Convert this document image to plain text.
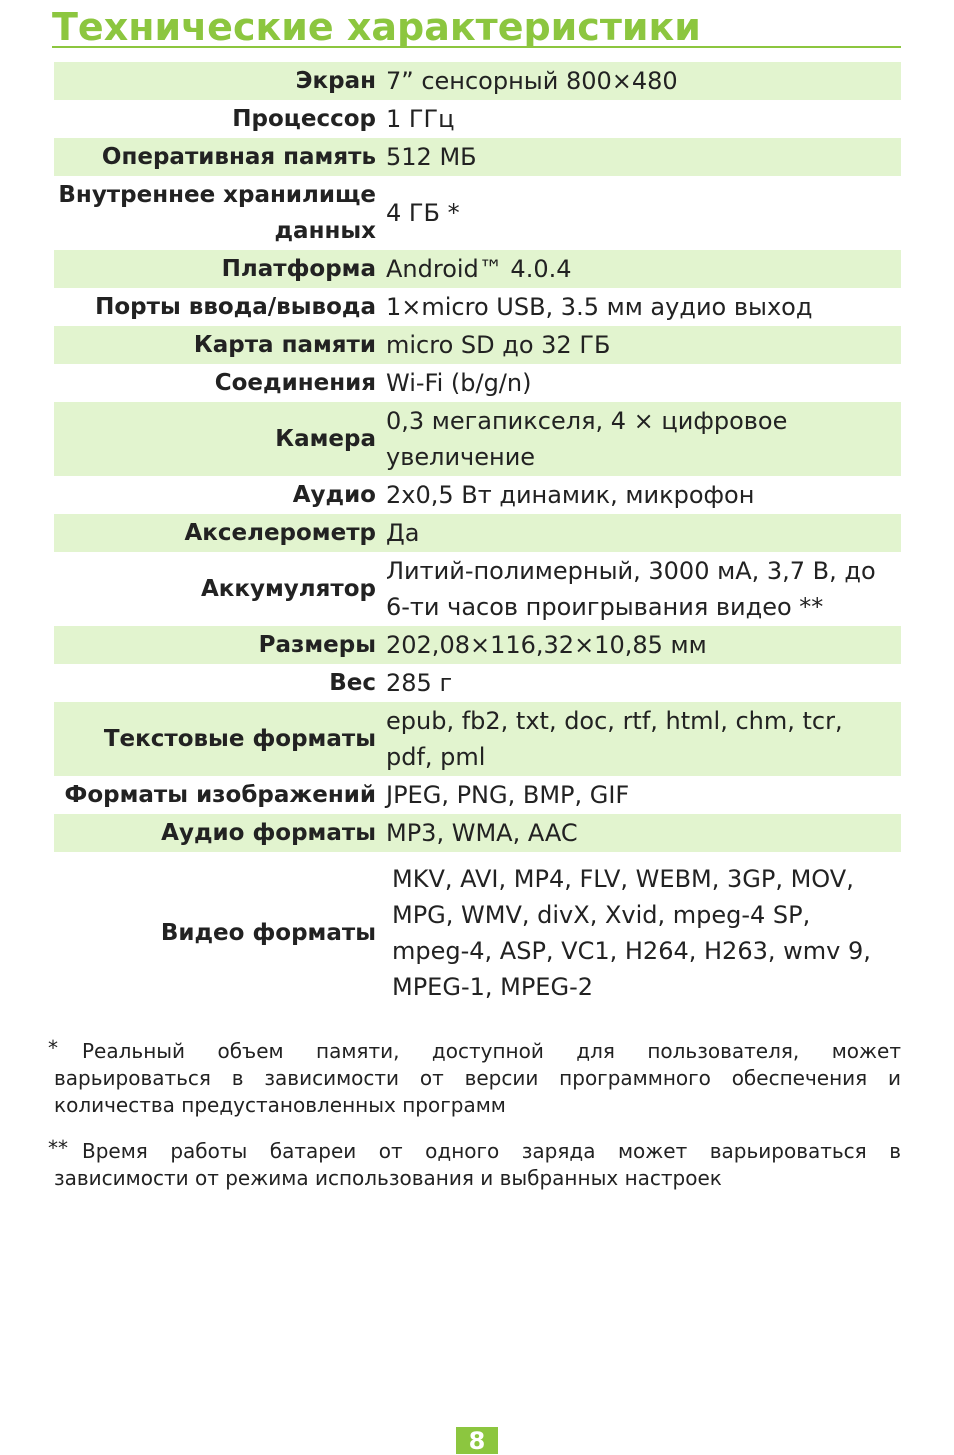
Технические характеристики
Экран	7” сенсорный 800×480
Процессор	1 ГГц
Оперативная память	512 МБ
Внутреннее хранилище данных	4 ГБ *
Платформа	Android™ 4.0.4
Порты ввода/вывода	1×micro USB, 3.5 мм аудио выход
Карта памяти	micro SD до 32 ГБ
Соединения	Wi-Fi (b/g/n)
Камера	0,3 мегапикселя, 4 × цифровое увеличение
Аудио	2x0,5 Вт динамик, микрофон
Акселерометр	Да
Аккумулятор	Литий-полимерный, 3000 мА, 3,7 В, до 6-ти часов проигрывания видео **
Размеры	202,08×116,32×10,85 мм
Вес	285 г
Текстовые форматы	epub, fb2, txt, doc, rtf, html, chm, tcr, pdf, pml
Форматы изображений	JPEG, PNG, BMP, GIF
Аудио форматы	MP3, WMA, AAC
Видео форматы	MKV, AVI, MP4, FLV, WEBM, 3GP, MOV, MPG, WMV, divX, Xvid, mpeg-4 SP, mpeg-4, ASP, VC1, H264, H263, wmv 9, MPEG-1, MPEG-2
*	Реальный объем памяти, доступной для пользователя, может варьироваться в зависимости от версии программного обеспечения и количества предустановленных программ
** Время работы батареи от одного заряда может варьироваться в зависимости от режима использования и выбранных настроек
8
